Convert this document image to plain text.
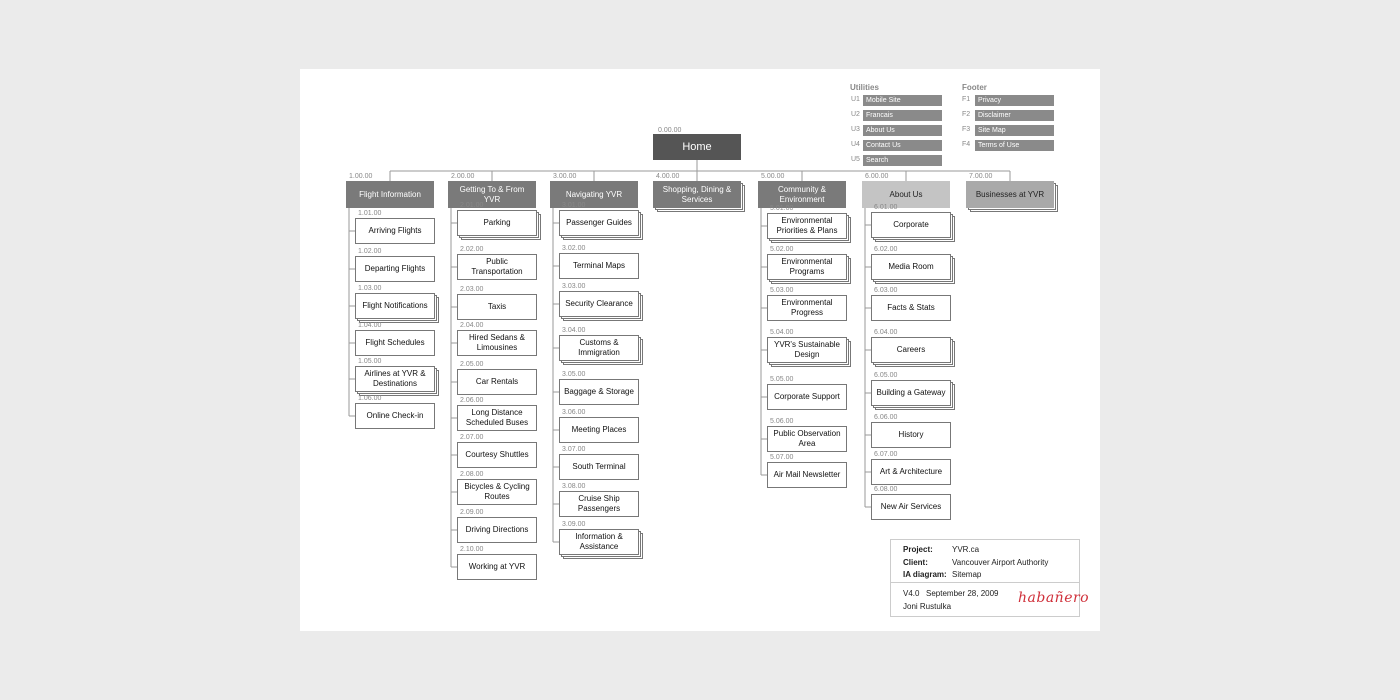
0.00.00
Home
Utilities	Footer
U1 Mobile Site
U2 Francais
U3 About Us
U4 Contact Us
U5 Search
F1	Privacy
F2	Disclaimer
F3	Site Map
F4	Terms of Use
1.00.00
Flight Information
1.01.00
Arriving Flights
1.02.00
Departing Flights
1.03.00
Flight Notifications
1.04.00
Flight Schedules
1.05.00
Airlines at YVR & Destinations
1.06.00
Online Check-in
2.00.00
Getting To & From YVR
2.01.00
Parking
2.02.00
Public Transportation
2.03.00
Taxis
2.04.00
Hired Sedans & Limousines
2.05.00
Car Rentals
2.06.00
Long Distance Scheduled Buses
2.07.00
Courtesy Shuttles
2.08.00
Bicycles & Cycling Routes
2.09.00
Driving Directions
2.10.00
Working at YVR
3.00.00
Navigating YVR
3.01.00
Passenger Guides
3.02.00
Terminal Maps
3.03.00
Security Clearance
3.04.00
Customs & Immigration
3.05.00
Baggage & Storage
3.06.00
Meeting Places
3.07.00
South Terminal
3.08.00
Cruise Ship Passengers
3.09.00
Information & Assistance
4.00.00
Shopping, Dining & Services
5.00.00
Community & Environment
5.01.00
Environmental Priorities & Plans
5.02.00
Environmental Programs
5.03.00
Environmental Progress
5.04.00
YVR's Sustainable Design
5.05.00
Corporate Support
5.06.00
Public Observation Area
5.07.00
Air Mail Newsletter
6.00.00
About Us
6.01.00
Corporate
6.02.00
Media Room
6.03.00
Facts & Stats
6.04.00
Careers
6.05.00
Building a Gateway
6.06.00
History
6.07.00
Art & Architecture
6.08.00
New Air Services
7.00.00
Businesses at YVR
Project: YVR.ca
Client:	Vancouver Airport Authority
IA diagram: Sitemap
V4.0 September 28, 2009
Joni Rustulka
habañero
